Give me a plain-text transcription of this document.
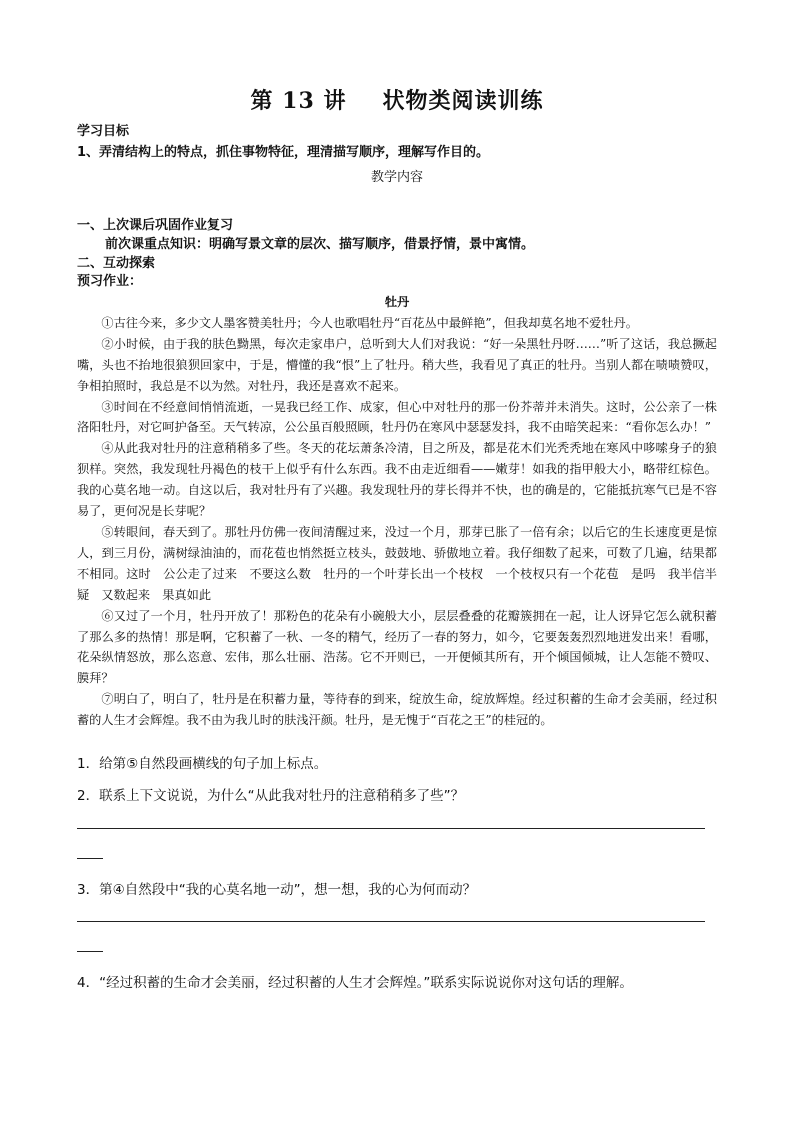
第 13 讲 状物类阅读训练
学习目标
1、弄清结构上的特点，抓住事物特征，理清描写顺序，理解写作目的。
教学内容
一、上次课后巩固作业复习
前次课重点知识：明确写景文章的层次、描写顺序，借景抒情，景中寓情。
二、互动探索
预习作业：

牡丹

①古往今来，多少文人墨客赞美牡丹；今人也歌唱牡丹“百花丛中最鲜艳”，但我却莫名地不爱牡丹。

②小时候，由于我的肤色黝黑，每次走家串户，总听到大人们对我说：“好一朵黑牡丹呀……”听了这话，我总撅起嘴，头也不抬地很狼狈回家中，于是，懵懂的我“恨”上了牡丹。稍大些，我看见了真正的牡丹。当别人都在啧啧赞叹，争相拍照时，我总是不以为然。对牡丹，我还是喜欢不起来。

③时间在不经意间悄悄流逝，一晃我已经工作、成家，但心中对牡丹的那一份芥蒂并未消失。这时，公公亲了一株洛阳牡丹，对它呵护备至。天气转凉，公公虽百般照顾，牡丹仍在寒风中瑟瑟发抖，我不由暗笑起来：“看你怎么办！”

④从此我对牡丹的注意稍稍多了些。冬天的花坛萧条冷清，目之所及，都是花木们光秃秃地在寒风中哆嗦身子的狼狈样。突然，我发现牡丹褐色的枝干上似乎有什么东西。我不由走近细看——嫩芽！如我的指甲般大小，略带红棕色。我的心莫名地一动。自这以后，我对牡丹有了兴趣。我发现牡丹的芽长得并不快，也的确是的，它能抵抗寒气已是不容易了，更何况是长芽呢？

⑤转眼间，春天到了。那牡丹仿佛一夜间清醒过来，没过一个月，那芽已胀了一倍有余；以后它的生长速度更是惊人，到三月份，满树绿油油的，而花苞也悄然挺立枝头，鼓鼓地、骄傲地立着。我仔细数了起来，可数了几遍，结果都不相同。这时　公公走了过来　不要这么数　牡丹的一个叶芽长出一个枝杈　一个枝杈只有一个花苞　是吗　我半信半疑　又数起来　果真如此

⑥又过了一个月，牡丹开放了！那粉色的花朵有小碗般大小，层层叠叠的花瓣簇拥在一起，让人讶异它怎么就积蓄了那么多的热情！那是啊，它积蓄了一秋、一冬的精气，经历了一春的努力，如今，它要轰轰烈烈地迸发出来！看哪，花朵纵情怒放，那么恣意、宏伟，那么壮丽、浩荡。它不开则已，一开便倾其所有，开个倾国倾城，让人怎能不赞叹、膜拜？

⑦明白了，明白了，牡丹是在积蓄力量，等待春的到来，绽放生命，绽放辉煌。经过积蓄的生命才会美丽，经过积蓄的人生才会辉煌。我不由为我儿时的肤浅汗颜。牡丹，是无愧于“百花之王”的桂冠的。

1．给第⑤自然段画横线的句子加上标点。
2．联系上下文说说，为什么“从此我对牡丹的注意稍稍多了些”？
3．第④自然段中“我的心莫名地一动”，想一想，我的心为何而动？
4．“经过积蓄的生命才会美丽，经过积蓄的人生才会辉煌。”联系实际说说你对这句话的理解。
